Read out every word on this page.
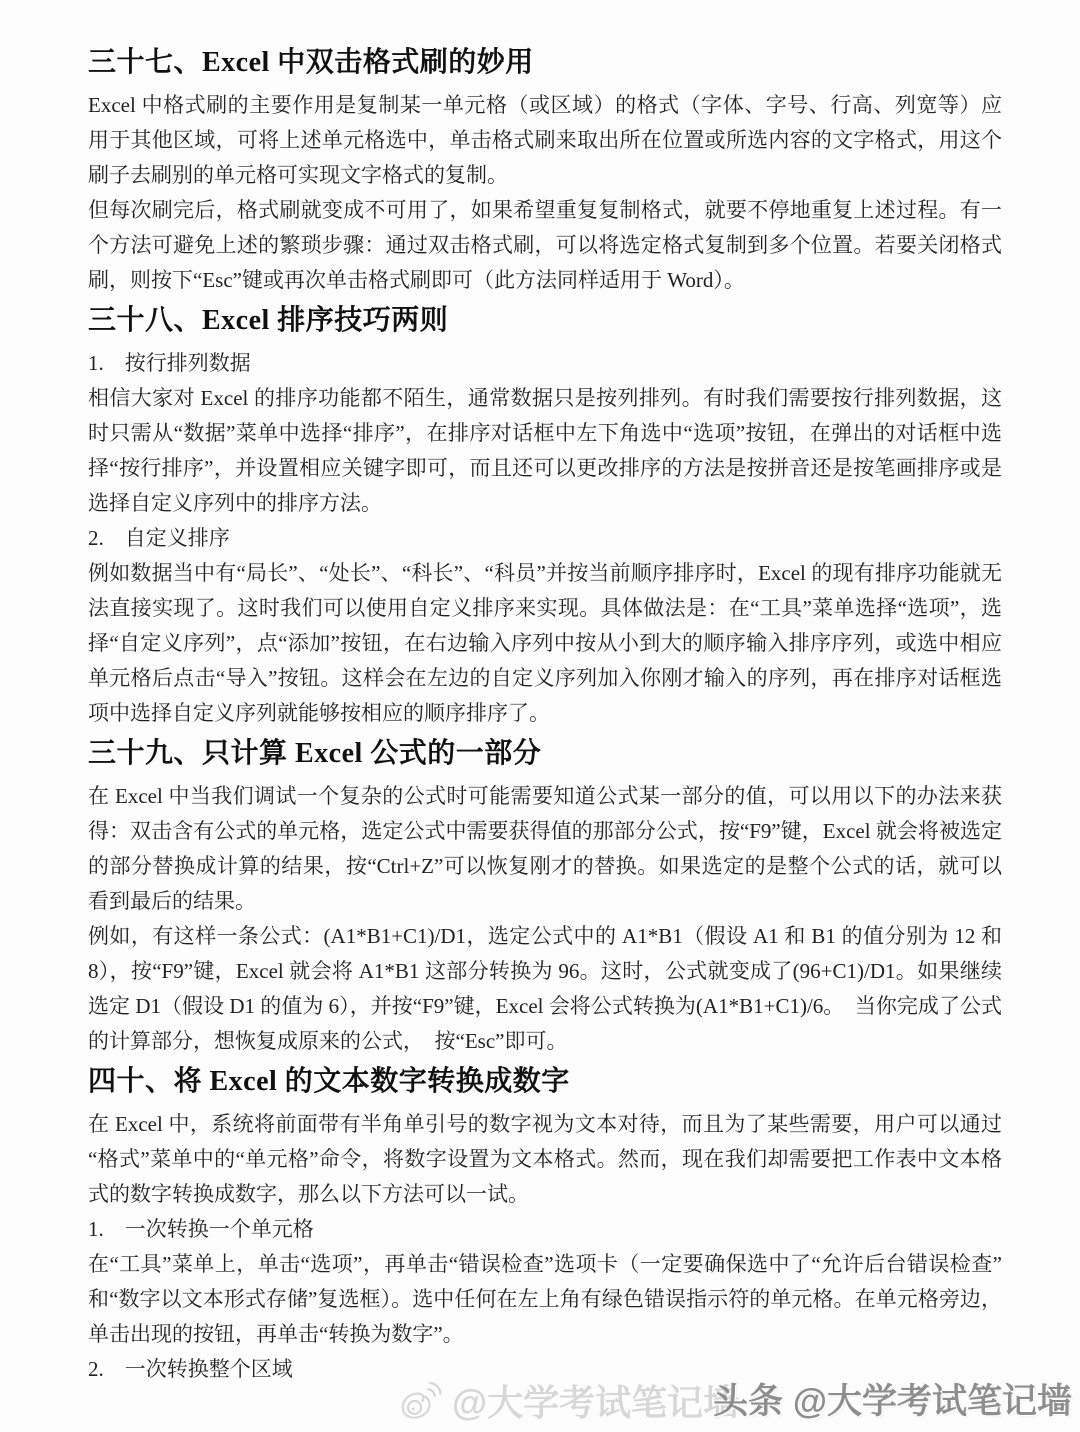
三十七、Excel 中双击格式刷的妙用

Excel 中格式刷的主要作用是复制某一单元格（或区域）的格式（字体、字号、行高、列宽等）应用于其他区域，可将上述单元格选中，单击格式刷来取出所在位置或所选内容的文字格式，用这个刷子去刷别的单元格可实现文字格式的复制。

但每次刷完后，格式刷就变成不可用了，如果希望重复复制格式，就要不停地重复上述过程。有一个方法可避免上述的繁琐步骤：通过双击格式刷，可以将选定格式复制到多个位置。若要关闭格式刷，则按下“Esc”键或再次单击格式刷即可（此方法同样适用于 Word）。

三十八、Excel 排序技巧两则

1.　按行排列数据

相信大家对 Excel 的排序功能都不陌生，通常数据只是按列排列。有时我们需要按行排列数据，这时只需从“数据”菜单中选择“排序”，在排序对话框中左下角选中“选项”按钮，在弹出的对话框中选择“按行排序”，并设置相应关键字即可，而且还可以更改排序的方法是按拼音还是按笔画排序或是选择自定义序列中的排序方法。

2.　自定义排序

例如数据当中有“局长”、“处长”、“科长”、“科员”并按当前顺序排序时，Excel 的现有排序功能就无法直接实现了。这时我们可以使用自定义排序来实现。具体做法是：在“工具”菜单选择“选项”，选择“自定义序列”，点“添加”按钮，在右边输入序列中按从小到大的顺序输入排序序列，或选中相应单元格后点击“导入”按钮。这样会在左边的自定义序列加入你刚才输入的序列，再在排序对话框选项中选择自定义序列就能够按相应的顺序排序了。

三十九、只计算 Excel 公式的一部分

在 Excel 中当我们调试一个复杂的公式时可能需要知道公式某一部分的值，可以用以下的办法来获得：双击含有公式的单元格，选定公式中需要获得值的那部分公式，按“F9”键，Excel 就会将被选定的部分替换成计算的结果，按“Ctrl+Z”可以恢复刚才的替换。如果选定的是整个公式的话，就可以看到最后的结果。

例如，有这样一条公式：(A1*B1+C1)/D1，选定公式中的 A1*B1（假设 A1 和 B1 的值分别为 12 和 8），按“F9”键，Excel 就会将 A1*B1 这部分转换为 96。这时，公式就变成了(96+C1)/D1。如果继续选定 D1（假设 D1 的值为 6），并按“F9”键，Excel 会将公式转换为(A1*B1+C1)/6。　当你完成了公式的计算部分，想恢复成原来的公式，　按“Esc”即可。

四十、将 Excel 的文本数字转换成数字

在 Excel 中，系统将前面带有半角单引号的数字视为文本对待，而且为了某些需要，用户可以通过“格式”菜单中的“单元格”命令，将数字设置为文本格式。然而，现在我们却需要把工作表中文本格式的数字转换成数字，那么以下方法可以一试。

1.　一次转换一个单元格

在“工具”菜单上，单击“选项”，再单击“错误检查”选项卡（一定要确保选中了“允许后台错误检查”和“数字以文本形式存储”复选框）。选中任何在左上角有绿色错误指示符的单元格。在单元格旁边，单击出现的按钮，再单击“转换为数字”。

2.　一次转换整个区域

@大学考试笔记墙
头条 @大学考试笔记墙
